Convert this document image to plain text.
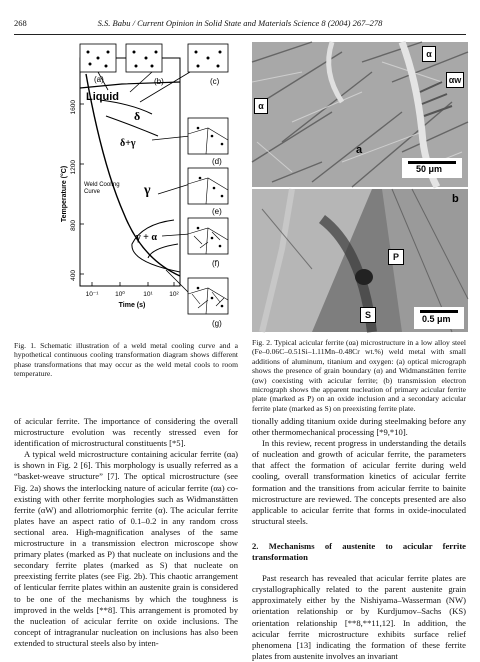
268	S.S. Babu / Current Opinion in Solid State and Materials Science 8 (2004) 267–278
(a)	(b)	(c)
(d)
(e)
(f)
(g)
Liquid
δ
δ+γ
γ
γ + α
Weld Cooling
Curve
1600
1200
800
400
Temperature (°C)
10⁻¹	10⁰	10¹	10²
Time (s)
Fig. 1. Schematic illustration of a weld metal cooling curve and a hypothetical continuous cooling transformation diagram shows different phase transformations that may occur as the weld metal cools to room temperature.
α
αw
α
a
50 μm
b
P
S	0.5 μm
Fig. 2. Typical acicular ferrite (αa) microstructure in a low alloy steel (Fe–0.06C–0.51Si–1.11Mn–0.48Cr wt.%) weld metal with small additions of aluminum, titanium and oxygen: (a) optical micrograph shows the presence of grain boundary (α) and Widmanstätten ferrite (αw) coexisting with acicular ferrite; (b) transmission electron micrograph shows the apparent nucleation of primary acicular ferrite plate (marked as P) on an oxide inclusion and a secondary acicular ferrite plate (marked as S) on preexisting ferrite plate.

of acicular ferrite. The importance of considering the overall microstructure evolution was recently stressed even for identification of microstructural constituents [*5].

A typical weld microstructure containing acicular ferrite (αa) is shown in Fig. 2 [6]. This morphology is usually referred as a “basket-weave structure” [7]. The optical microstructure (see Fig. 2a) shows the interlocking nature of acicular ferrite (αa) co-existing with other ferrite morphologies such as Widmanstätten ferrite (αW) and allotriomorphic ferrite (α). The acicular ferrite plates have an aspect ratio of 0.1–0.2 in any random cross sectional area. High-magnification analyses of the same microstructure in a transmission electron microscope show primary plates (marked as P) that nucleate on inclusions and the secondary ferrite plates (marked as S) that nucleate on preexisting ferrite plates (see Fig. 2b). This chaotic arrangement of lenticular ferrite plates within an austenite grain is considered to be one of the mechanisms by which the toughness is improved in the welds [**8]. This arrangement is promoted by the nucleation of acicular ferrite on oxide inclusions. The concept of intragranular nucleation on inclusions has also been extended to structural steels also by inten-

tionally adding titanium oxide during steelmaking before any other thermomechanical processing [*9,*10].

In this review, recent progress in understanding the details of nucleation and growth of acicular ferrite, the parameters that affect the formation of acicular ferrite during weld cooling, overall transformation kinetics of acicular ferrite formation and the transitions from acicular ferrite to bainite microstructure are reviewed. The concepts presented are also applicable to acicular ferrite that forms in oxide-inoculated structural steels.

2. Mechanisms of austenite to acicular ferrite transformation

Past research has revealed that acicular ferrite plates are crystallographically related to the parent austenite grain approximately either by the Nishiyama–Wasserman (NW) orientation relationship or by Kurdjumov–Sachs (KS) orientation relationship [**8,**11,12]. In addition, the acicular ferrite microstructure exhibits surface relief phenomena [13] indicating the formation of these ferrite plates from austenite involves an invariant
